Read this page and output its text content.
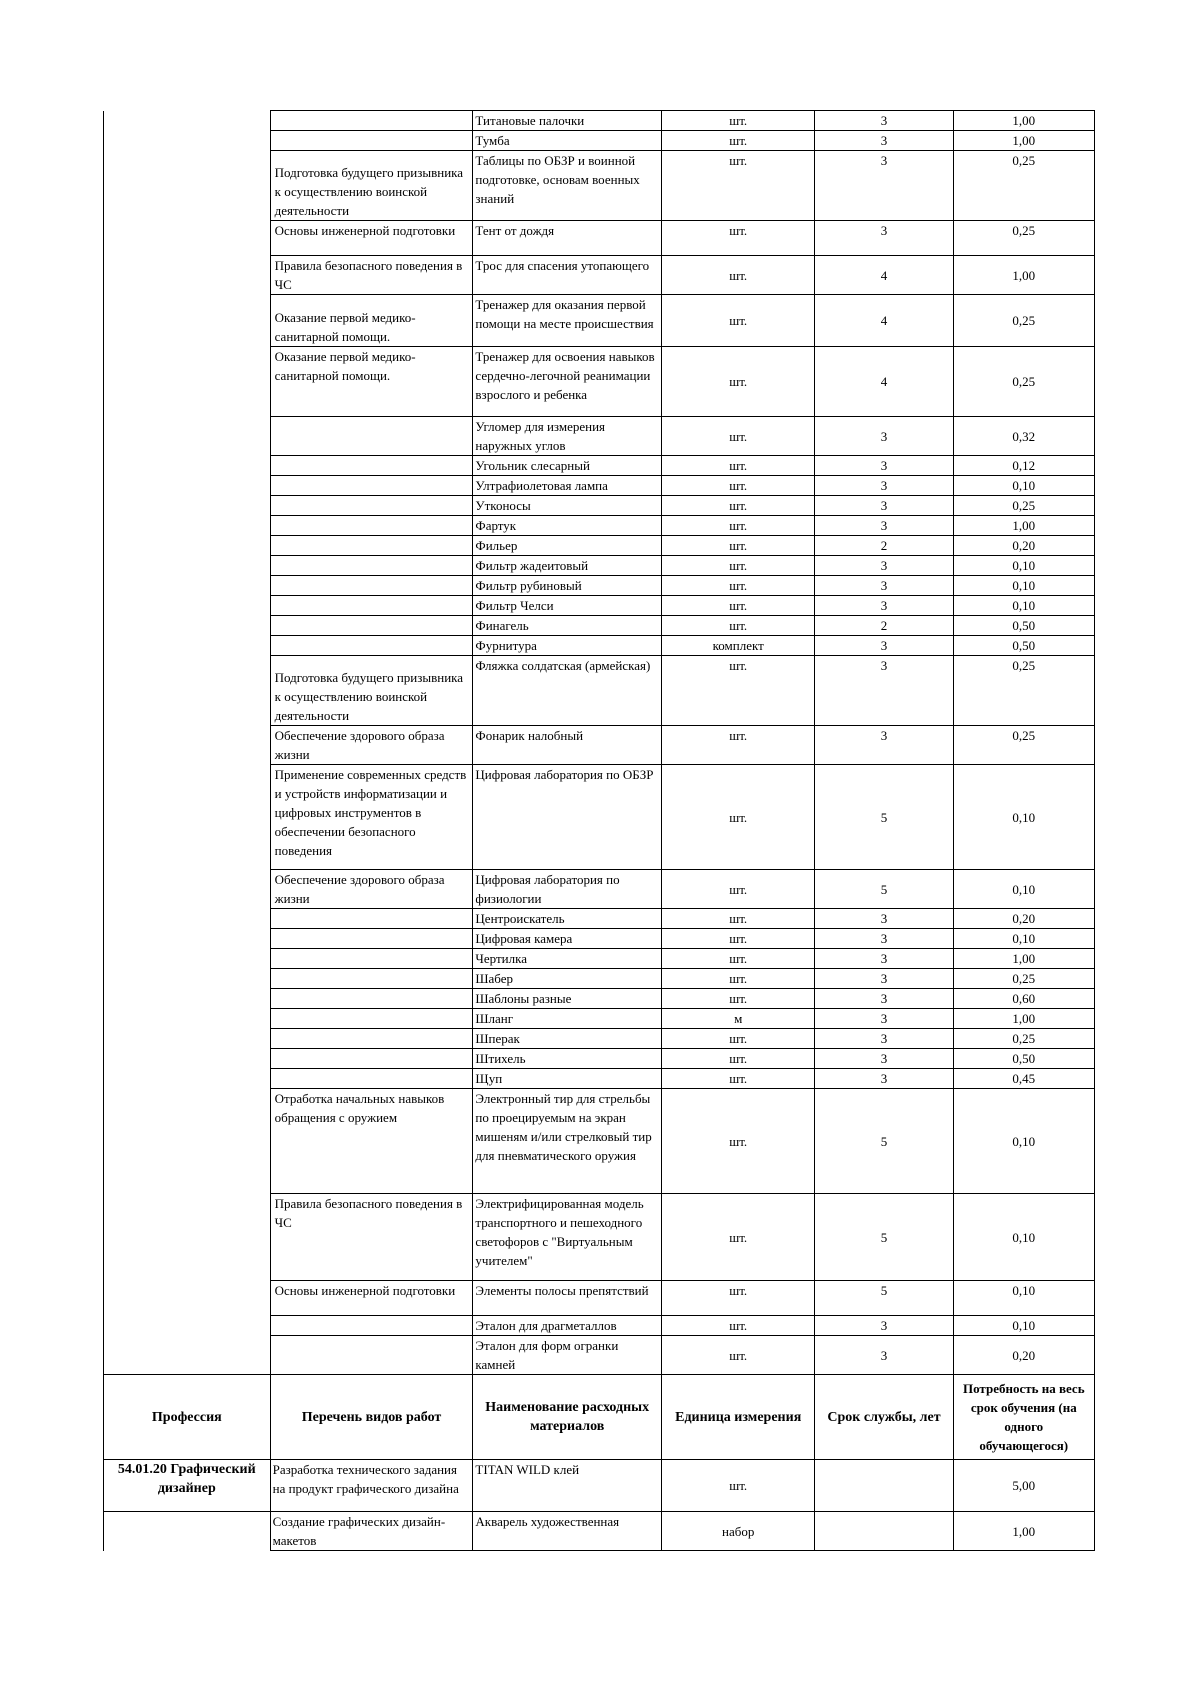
		Титановые палочки	шт.	3	1,00
		Тумба	шт.	3	1,00
	Подготовка будущего призывника к осуществлению воинской деятельности	Таблицы по ОБЗР и воинной подготовке, основам военных знаний	шт.	3	0,25
	Основы инженерной подготовки	Тент от дождя	шт.	3	0,25
	Правила безопасного поведения в ЧС	Трос для спасения утопающего	шт.	4	1,00
	Оказание первой медико-санитарной помощи.	Тренажер для оказания первой помощи на месте происшествия	шт.	4	0,25
	Оказание первой медико-санитарной помощи.	Тренажер для освоения навыков сердечно-легочной реанимации взрослого и ребенка	шт.	4	0,25
		Угломер для измерения наружных углов	шт.	3	0,32
		Угольник слесарный	шт.	3	0,12
		Ултрафиолетовая лампа	шт.	3	0,10
		Утконосы	шт.	3	0,25
		Фартук	шт.	3	1,00
		Фильер	шт.	2	0,20
		Фильтр жадеитовый	шт.	3	0,10
		Фильтр рубиновый	шт.	3	0,10
		Фильтр Челси	шт.	3	0,10
		Финагель	шт.	2	0,50
		Фурнитура	комплект	3	0,50
	Подготовка будущего призывника к осуществлению воинской деятельности	Фляжка солдатская (армейская)	шт.	3	0,25
	Обеспечение здорового образа жизни	Фонарик налобный	шт.	3	0,25
	Применение современных средств и устройств информатизации и цифровых инструментов в обеспечении безопасного поведения	Цифровая лаборатория по ОБЗР	шт.	5	0,10
	Обеспечение здорового образа жизни	Цифровая лаборатория по физиологии	шт.	5	0,10
		Центроискатель	шт.	3	0,20
		Цифровая камера	шт.	3	0,10
		Чертилка	шт.	3	1,00
		Шабер	шт.	3	0,25
		Шаблоны разные	шт.	3	0,60
		Шланг	м	3	1,00
		Шперак	шт.	3	0,25
		Штихель	шт.	3	0,50
		Щуп	шт.	3	0,45
	Отработка начальных навыков обращения с оружием	Электронный тир для стрельбы по проецируемым на экран мишеням и/или стрелковый тир для пневматического оружия	шт.	5	0,10
	Правила безопасного поведения в ЧС	Электрифицированная модель транспортного и пешеходного светофоров с "Виртуальным учителем"	шт.	5	0,10
	Основы инженерной подготовки	Элементы полосы препятствий	шт.	5	0,10
		Эталон для драгметаллов	шт.	3	0,10
		Эталон для форм огранки камней	шт.	3	0,20
Профессия	Перечень видов работ	Наименование расходных материалов	Единица измерения	Срок службы, лет	Потребность на весь срок обучения (на одного обучающегося)
54.01.20 Графический дизайнер	Разработка технического задания на продукт графического дизайна	TITAN WILD клей	шт.		5,00
	Создание графических дизайн-макетов	Акварель художественная	набор		1,00
